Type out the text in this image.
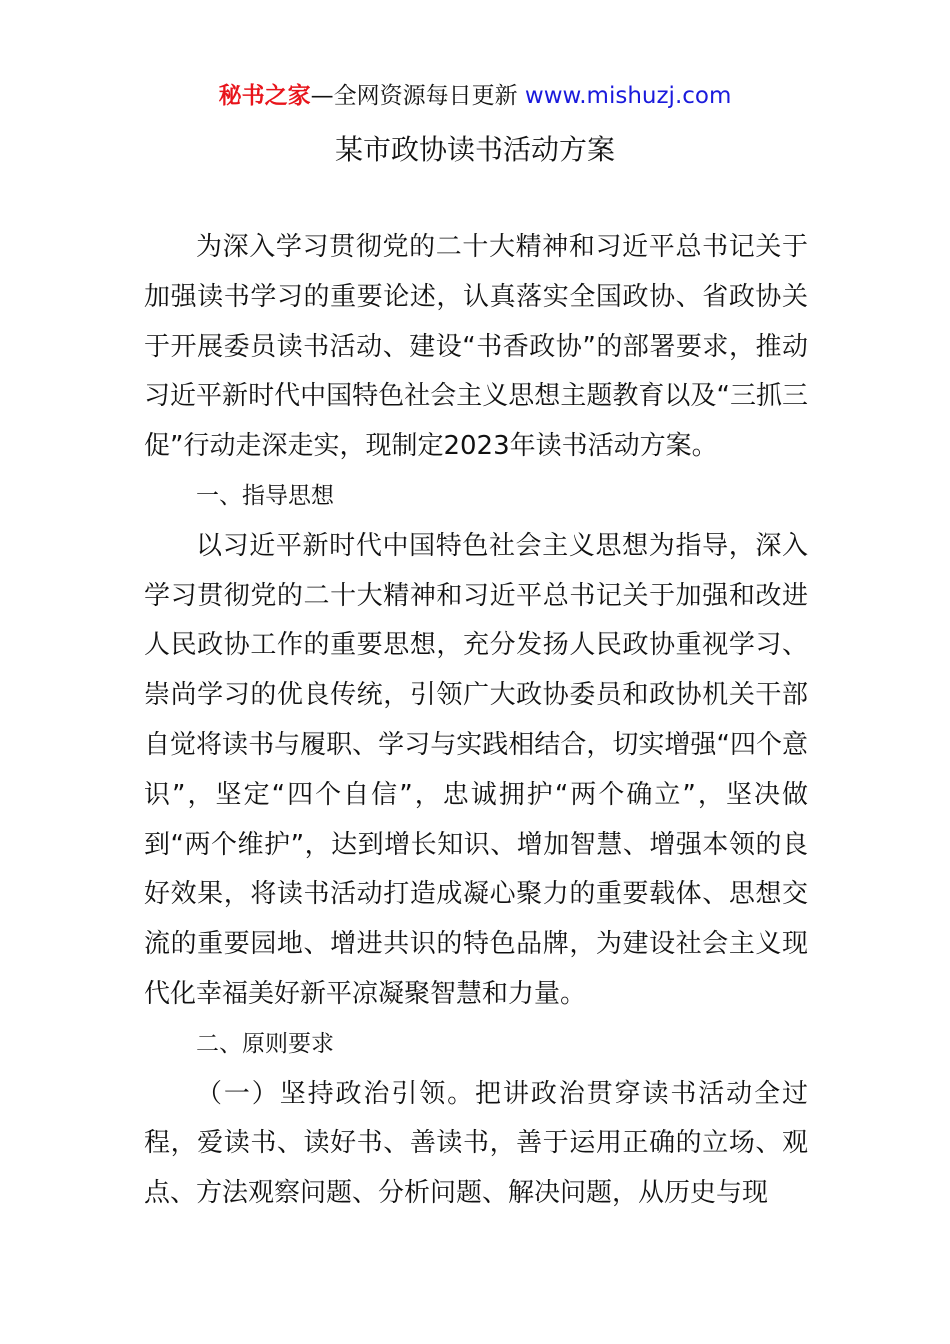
秘书之家—全网资源每日更新 www.mishuzj.com
某市政协读书活动方案

为深入学习贯彻党的二十大精神和习近平总书记关于加强读书学习的重要论述，认真落实全国政协、省政协关于开展委员读书活动、建设“书香政协”的部署要求，推动习近平新时代中国特色社会主义思想主题教育以及“三抓三促”行动走深走实，现制定2023年读书活动方案。

一、指导思想

以习近平新时代中国特色社会主义思想为指导，深入学习贯彻党的二十大精神和习近平总书记关于加强和改进人民政协工作的重要思想，充分发扬人民政协重视学习、崇尚学习的优良传统，引领广大政协委员和政协机关干部自觉将读书与履职、学习与实践相结合，切实增强“四个意识”，坚定“四个自信”，忠诚拥护“两个确立”，坚决做到“两个维护”，达到增长知识、增加智慧、增强本领的良好效果，将读书活动打造成凝心聚力的重要载体、思想交流的重要园地、增进共识的特色品牌，为建设社会主义现代化幸福美好新平凉凝聚智慧和力量。

二、原则要求

（一）坚持政治引领。把讲政治贯穿读书活动全过程，爱读书、读好书、善读书，善于运用正确的立场、观点、方法观察问题、分析问题、解决问题，从历史与现
